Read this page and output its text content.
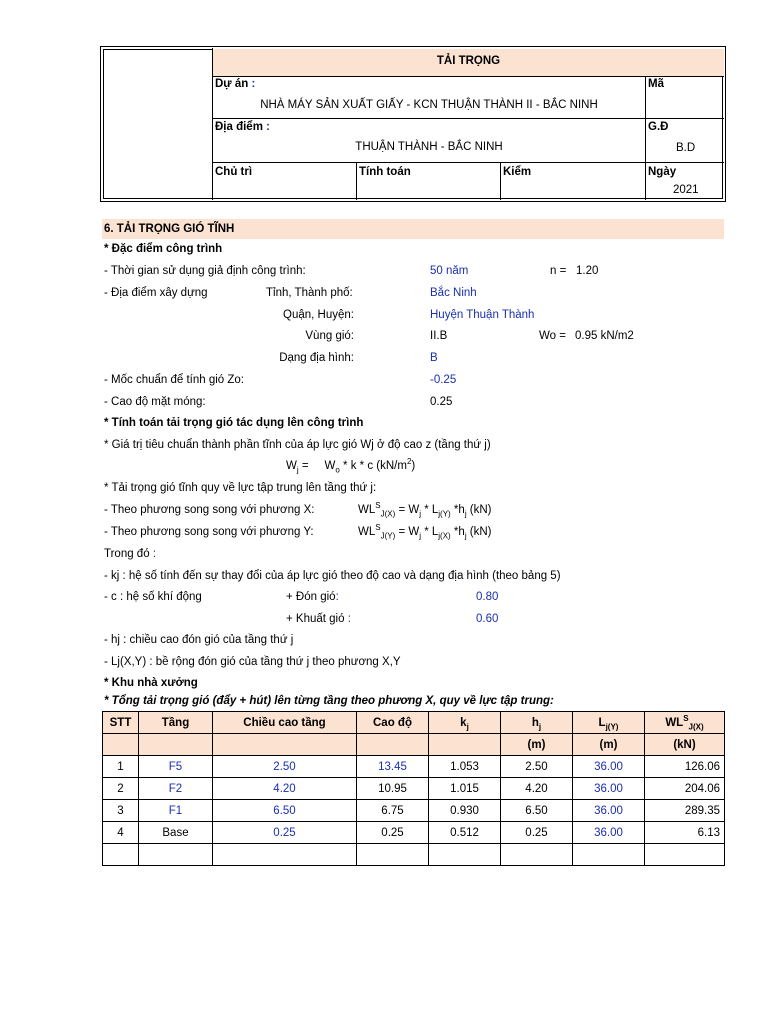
TẢI TRỌNG
Dự án :
NHÀ MÁY SẢN XUẤT GIẤY - KCN THUẬN THÀNH II - BẮC NINH
Mã
Địa điểm :
THUẬN THÀNH - BẮC NINH
G.Đ
B.D
Chủ trì	Tính toán	Kiểm	Ngày
2021
6. TẢI TRỌNG GIÓ TĨNH
* Đặc điểm công trình
- Thời gian sử dụng giả định công trình:	50 năm	n = 1.20
- Địa điểm xây dựng	Tỉnh, Thành phố:	Bắc Ninh
Quận, Huyện:	Huyện Thuận Thành
Vùng gió:	II.B	Wo = 0.95 kN/m2
Dạng địa hình:	B
- Mốc chuẩn để tính gió Zo:	-0.25
- Cao độ mặt móng:	0.25
* Tính toán tải trọng gió tác dụng lên công trình
* Giá trị tiêu chuẩn thành phần tĩnh của áp lực gió Wj ở độ cao z (tầng thứ j)
$W_j$ =     $W_o$ * k * c $(kN/m^2)$
* Tải trọng gió tĩnh quy về lực tập trung lên tầng thứ j:
- Theo phương song song với phương X:	$WL^S_{J(X)} = W_j * L_{j(Y)}$ $*h_j$ (kN)
- Theo phương song song với phương Y:	$WL^S_{J(Y)} = W_j * L_{j(X)}$ $*h_j$ (kN)
Trong đó :
- kj : hệ số tính đến sự thay đổi của áp lực gió theo độ cao và dạng địa hình (theo bảng 5)
- c : hệ số khí động	+ Đón gió:	0.80
+ Khuất gió :	0.60
- hj : chiều cao đón gió của tầng thứ j
- Lj(X,Y) : bề rộng đón gió của tầng thứ j theo phương X,Y
* Khu nhà xưởng
* Tổng tải trọng gió (đẩy + hút) lên từng tầng theo phương X, quy về lực tập trung:
STT	Tầng	Chiều cao tầng	Cao độ	$k_j$	$h_j$	$L_{j(Y)}$	$WL^S_{J(X)}$
					(m)	(m)	(kN)
1	F5	2.50	13.45	1.053	2.50	36.00	126.06
2	F2	4.20	10.95	1.015	4.20	36.00	204.06
3	F1	6.50	6.75	0.930	6.50	36.00	289.35
4	Base	0.25	0.25	0.512	0.25	36.00	6.13
